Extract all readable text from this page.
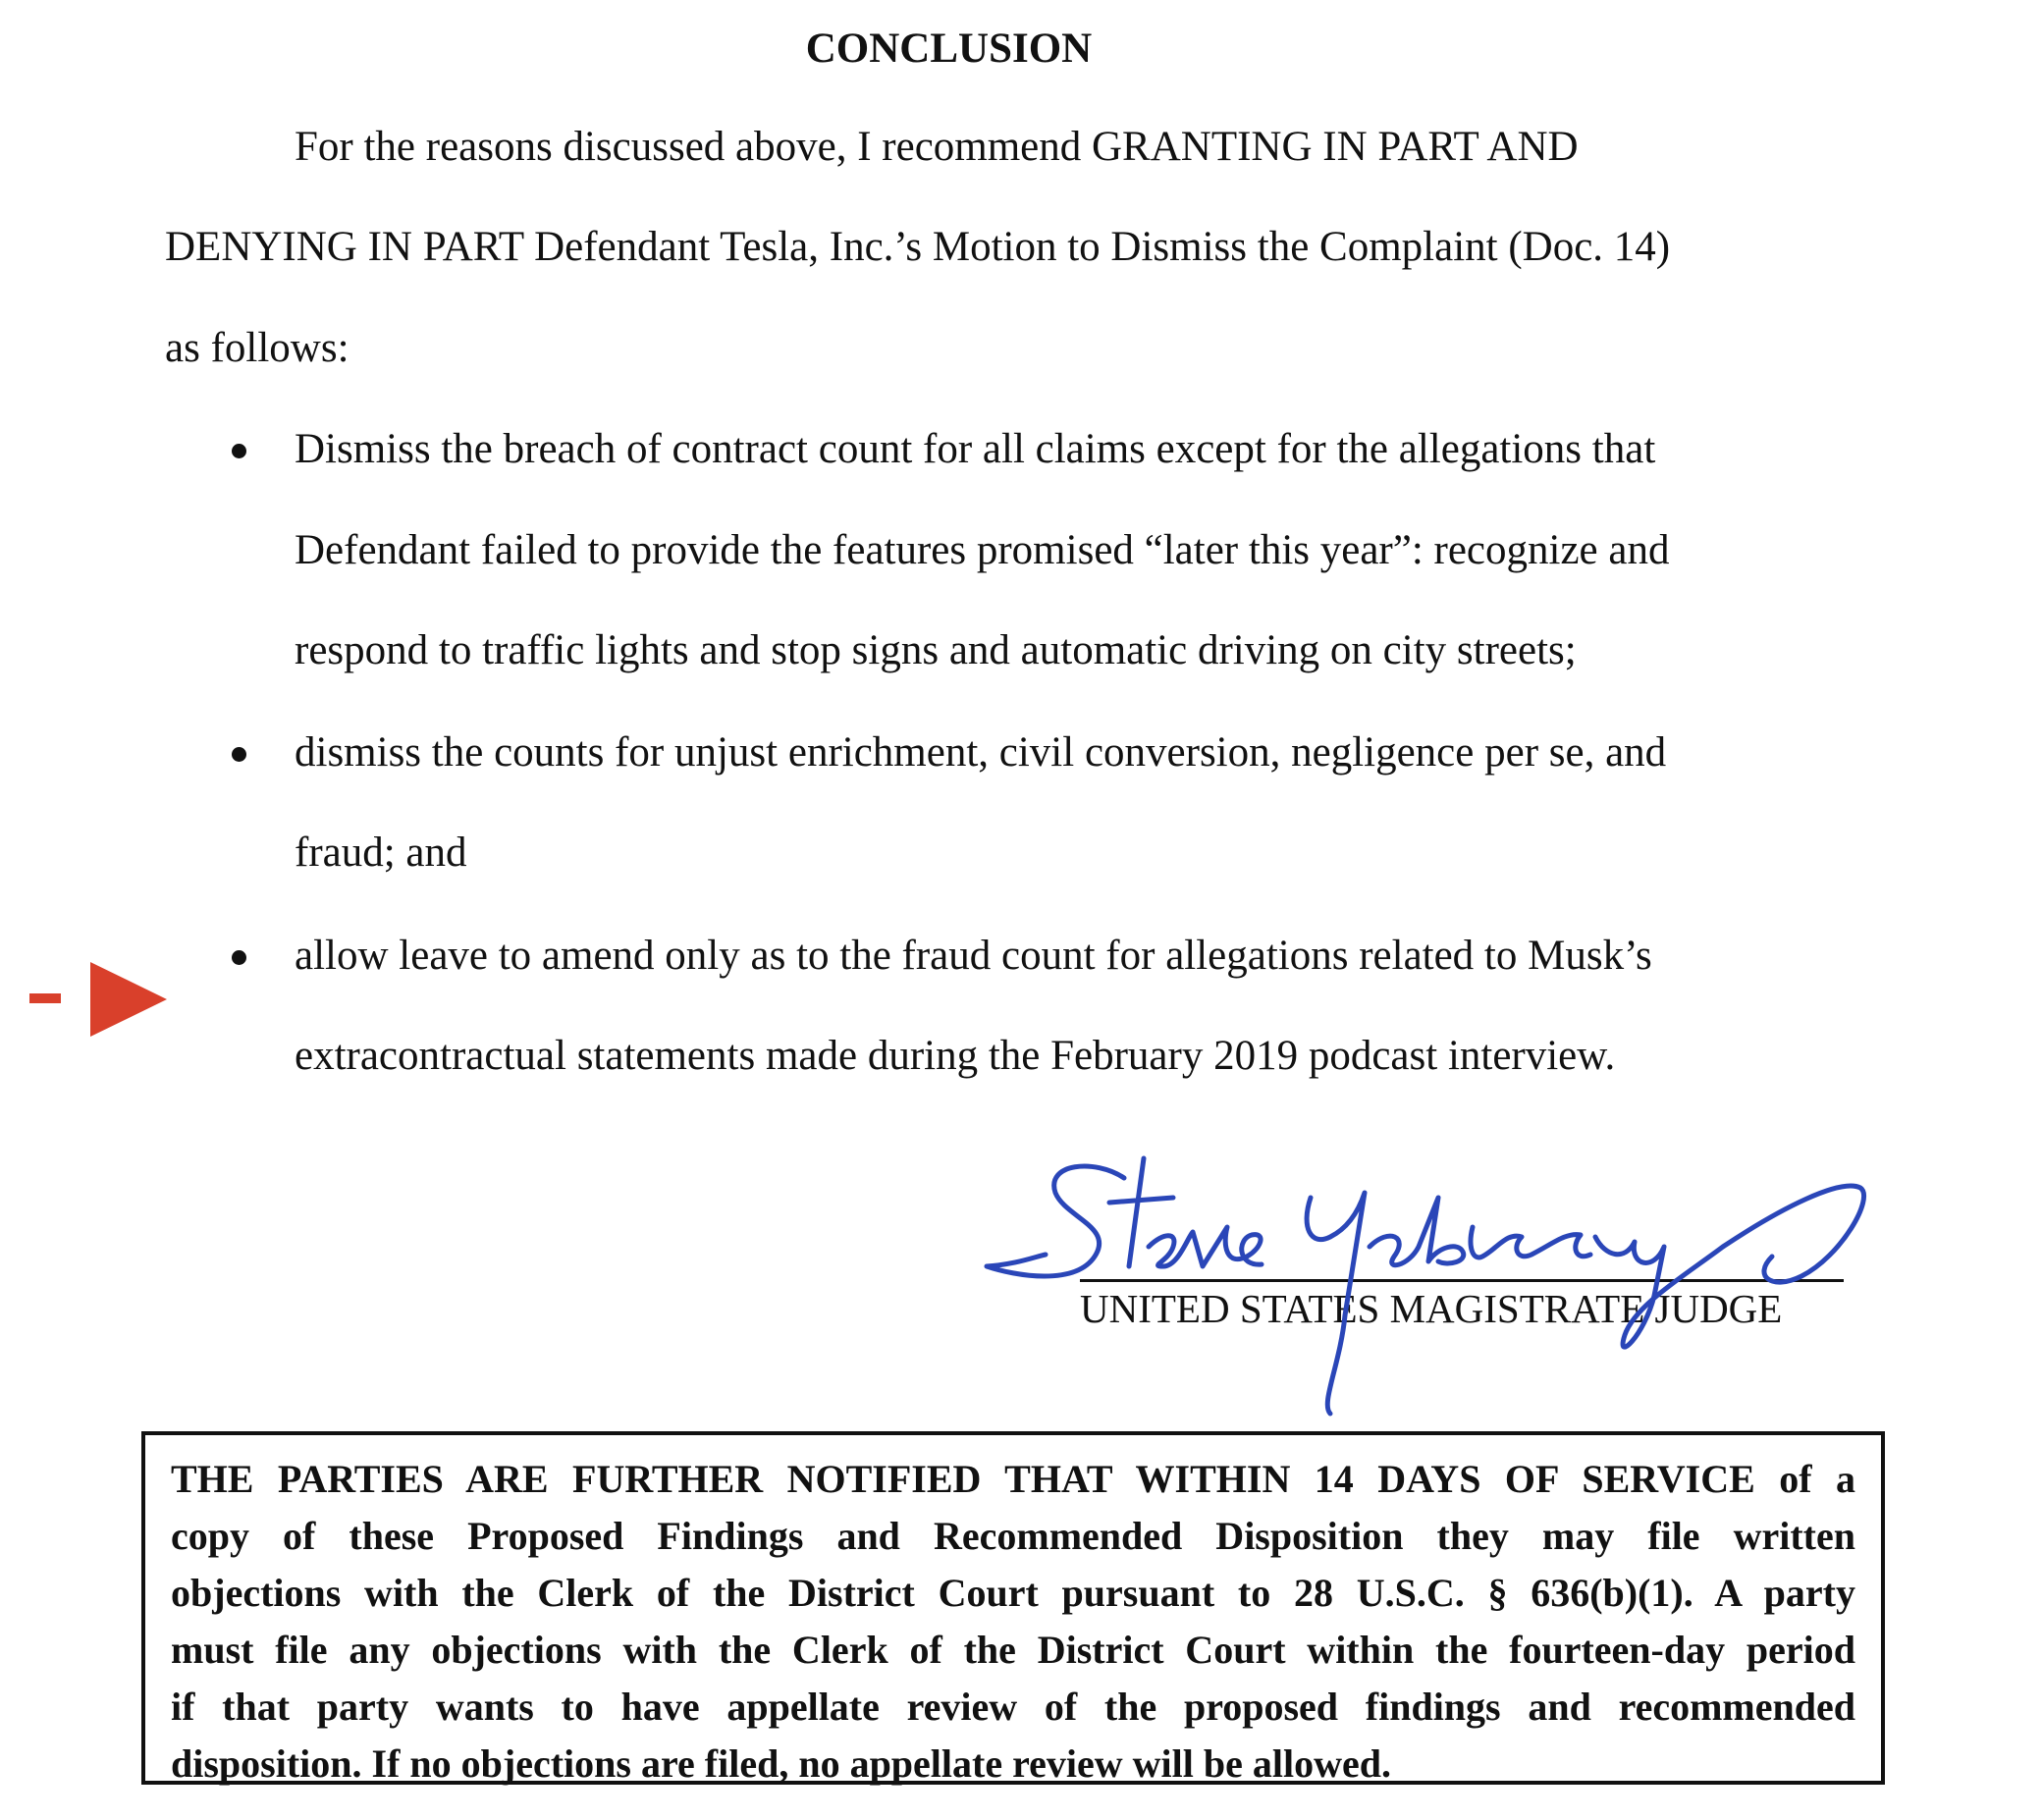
CONCLUSION
For the reasons discussed above, I recommend GRANTING IN PART AND
DENYING IN PART Defendant Tesla, Inc.’s Motion to Dismiss the Complaint (Doc. 14)
as follows:
Dismiss the breach of contract count for all claims except for the allegations that
Defendant failed to provide the features promised “later this year”: recognize and
respond to traffic lights and stop signs and automatic driving on city streets;
dismiss the counts for unjust enrichment, civil conversion, negligence per se, and
fraud; and
allow leave to amend only as to the fraud count for allegations related to Musk’s
extracontractual statements made during the February 2019 podcast interview.
UNITED STATES MAGISTRATE JUDGE
THE PARTIES ARE FURTHER NOTIFIED THAT WITHIN 14 DAYS OF SERVICE of a
copy of these Proposed Findings and Recommended Disposition they may file written
objections with the Clerk of the District Court pursuant to 28 U.S.C. § 636(b)(1). A party
must file any objections with the Clerk of the District Court within the fourteen-day period
if that party wants to have appellate review of the proposed findings and recommended
disposition. If no objections are filed, no appellate review will be allowed.
